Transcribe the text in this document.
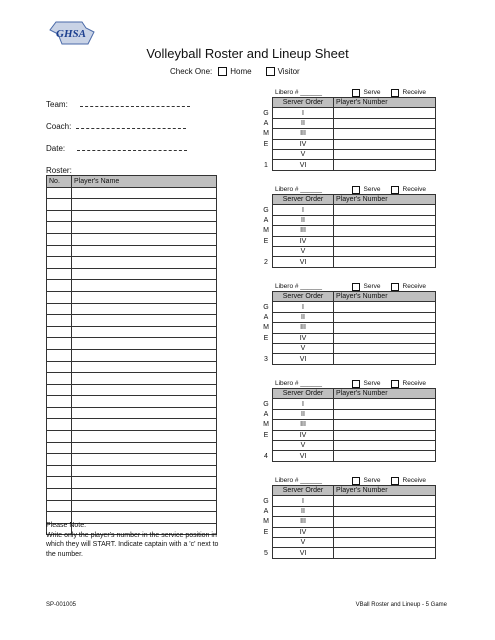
GHSA
Volleyball Roster and Lineup Sheet
Check One: Home	Visitor
Team:
Coach:
Date:
Roster:
No.	Player's Name

Please Note:
Write only the player's number in the service position in which they will START. Indicate captain with a 'c' next to the number.
Libero # ______	Serve	Receive
	Server Order	Player's Number
G	I	
A	II	
M	III	
E	IV	
	V	
1	VI	
Libero # ______	Serve	Receive
	Server Order	Player's Number
G	I	
A	II	
M	III	
E	IV	
	V	
2	VI	
Libero # ______	Serve	Receive
	Server Order	Player's Number
G	I	
A	II	
M	III	
E	IV	
	V	
3	VI	
Libero # ______	Serve	Receive
	Server Order	Player's Number
G	I	
A	II	
M	III	
E	IV	
	V	
4	VI	
Libero # ______	Serve	Receive
	Server Order	Player's Number
G	I	
A	II	
M	III	
E	IV	
	V	
5	VI	
SP-001005	VBall Roster and Lineup - 5 Game
